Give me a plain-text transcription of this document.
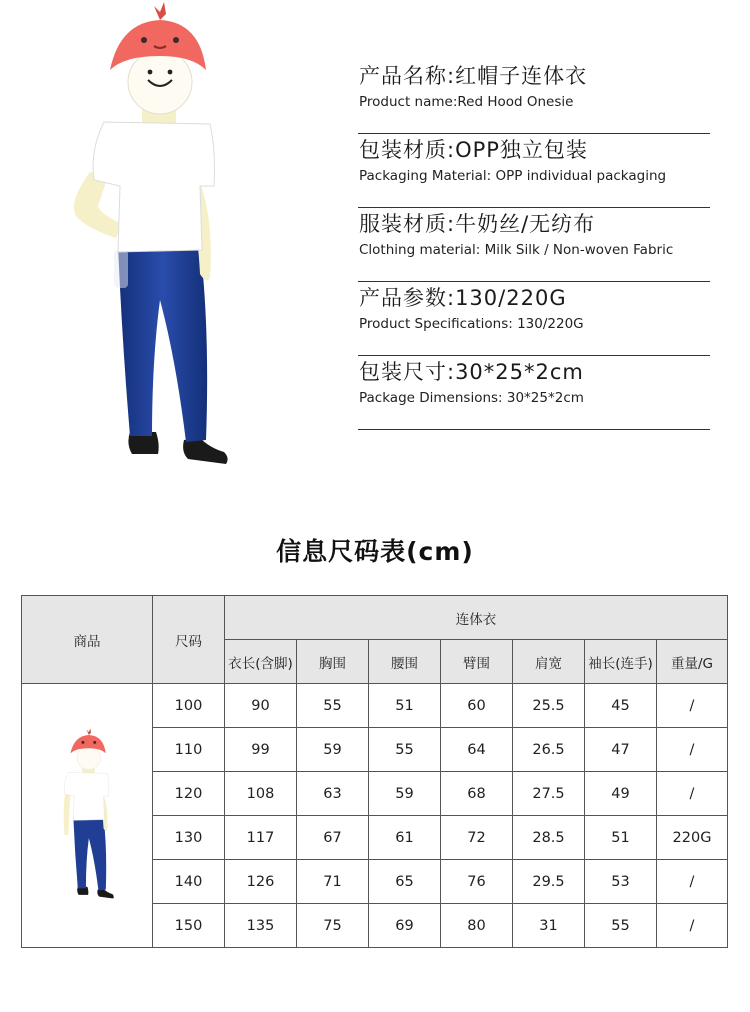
产品名称:红帽子连体衣
Product name:Red Hood Onesie
包装材质:OPP独立包装
Packaging Material: OPP individual packaging
服装材质:牛奶丝/无纺布
Clothing material: Milk Silk / Non-woven Fabric
产品参数:130/220G
Product Specifications: 130/220G
包装尺寸:30*25*2cm
Package Dimensions: 30*25*2cm
信息尺码表(cm)
商品	尺码	连体衣						
		衣长(含脚)	胸围	腰围	臂围	肩宽	袖长(连手)	重量/G

	100	90	55	51	60	25.5	45	/
	110	99	59	55	64	26.5	47	/
	120	108	63	59	68	27.5	49	/
	130	117	67	61	72	28.5	51	220G
	140	126	71	65	76	29.5	53	/
	150	135	75	69	80	31	55	/
